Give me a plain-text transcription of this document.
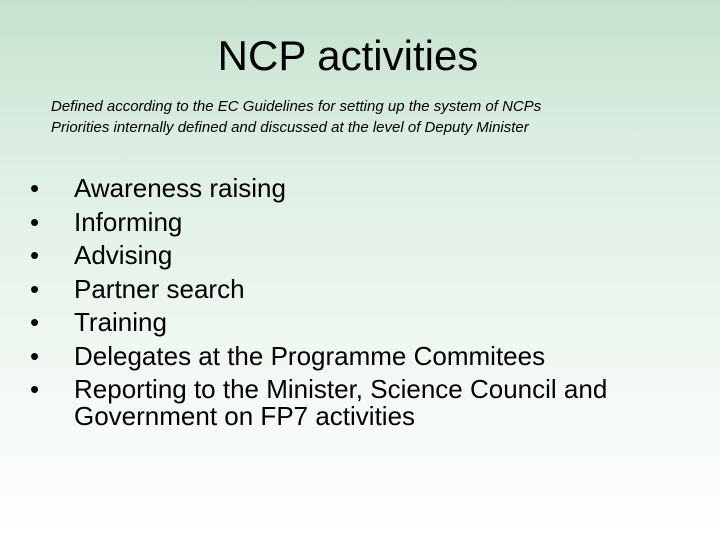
NCP activities
Defined according to the EC Guidelines for setting up the system of NCPs
Priorities internally defined and discussed at the level of Deputy Minister
•	Awareness raising
•	Informing
•	Advising
•	Partner search
•	Training
•	Delegates at the Programme Commitees
•	Reporting to the Minister, Science Council and Government on FP7 activities
